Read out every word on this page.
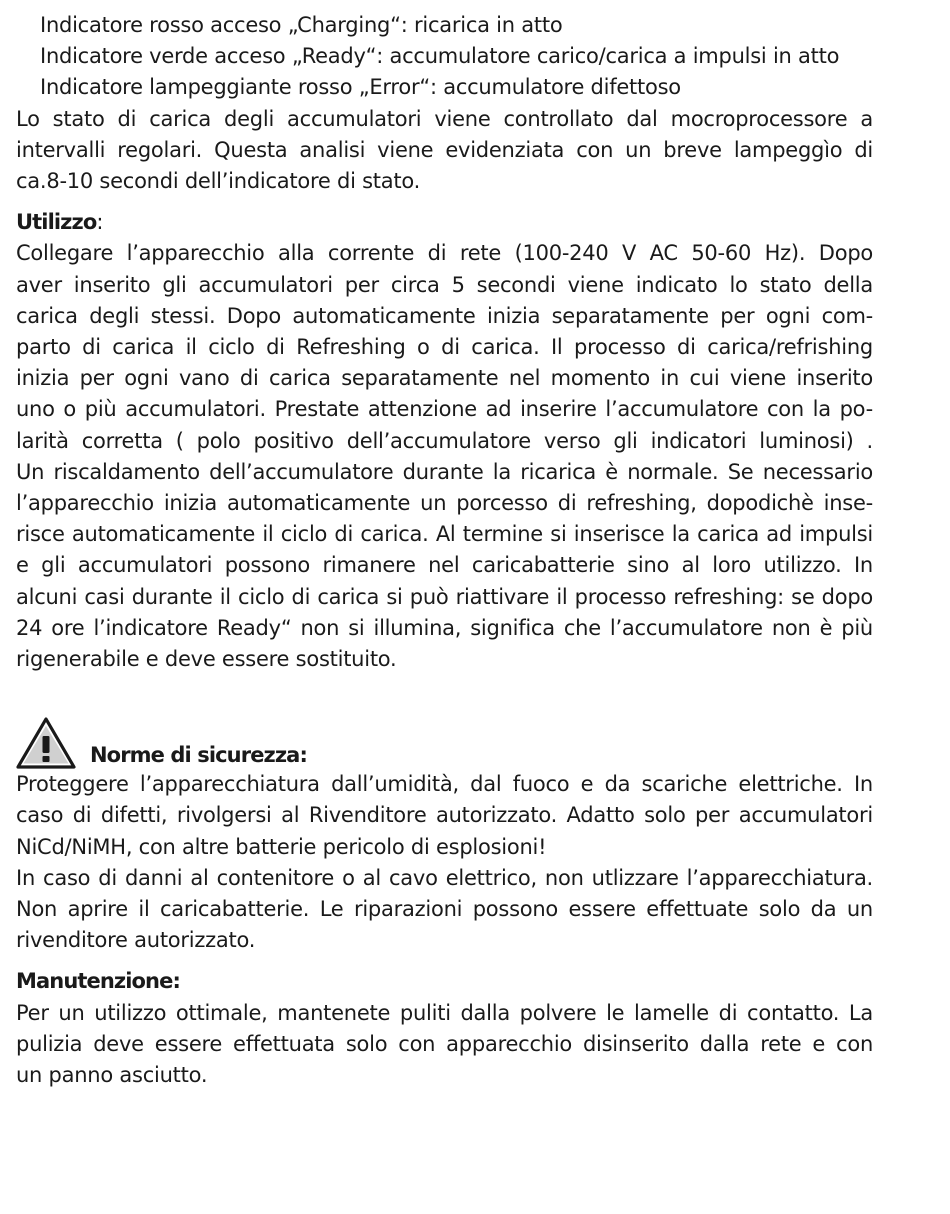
Indicatore rosso acceso „Charging“: ricarica in atto
Indicatore verde acceso „Ready“: accumulatore carico/carica a impulsi in atto
Indicatore lampeggiante rosso „Error“: accumulatore difettoso
Lo stato di carica degli accumulatori viene controllato dal mocroprocessore a
intervalli regolari. Questa analisi viene evidenziata con un breve lampeggìo di
ca.8-10 secondi dell’indicatore di stato.
Utilizzo:
Collegare l’apparecchio alla corrente di rete (100-240 V AC 50-60 Hz). Dopo
aver inserito gli accumulatori per circa 5 secondi viene indicato lo stato della
carica degli stessi. Dopo automaticamente inizia separatamente per ogni com-
parto di carica il ciclo di Refreshing o di carica. Il processo di carica/refrishing
inizia per ogni vano di carica separatamente nel momento in cui viene inserito
uno o più accumulatori. Prestate attenzione ad inserire l’accumulatore con la po-
larità corretta ( polo positivo dell’accumulatore verso gli indicatori luminosi) .
Un riscaldamento dell’accumulatore durante la ricarica è normale. Se necessario
l’apparecchio inizia automaticamente un porcesso di refreshing, dopodichè inse-
risce automaticamente il ciclo di carica. Al termine si inserisce la carica ad impulsi
e gli accumulatori possono rimanere nel caricabatterie sino al loro utilizzo. In
alcuni casi durante il ciclo di carica si può riattivare il processo refreshing: se dopo
24 ore l’indicatore Ready“ non si illumina, significa che l’accumulatore non è più
rigenerabile e deve essere sostituito.
Norme di sicurezza:
Proteggere l’apparecchiatura dall’umidità, dal fuoco e da scariche elettriche. In
caso di difetti, rivolgersi al Rivenditore autorizzato. Adatto solo per accumulatori
NiCd/NiMH, con altre batterie pericolo di esplosioni!
In caso di danni al contenitore o al cavo elettrico, non utlizzare l’apparecchiatura.
Non aprire il caricabatterie. Le riparazioni possono essere effettuate solo da un
rivenditore autorizzato.
Manutenzione:
Per un utilizzo ottimale, mantenete puliti dalla polvere le lamelle di contatto. La
pulizia deve essere effettuata solo con apparecchio disinserito dalla rete e con
un panno asciutto.
